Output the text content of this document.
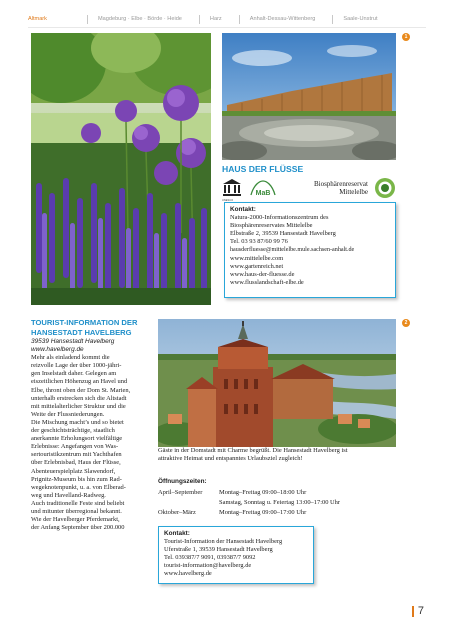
Altmark	Magdeburg · Elbe · Börde · Heide	Harz	Anhalt-Dessau-Wittenberg	Saale-Unstrut
1
HAUS DER FLÜSSE
MaB
Biosphärenreservat
Mittelelbe
UNESCO
Kontakt:
Natura-2000-Informationszentrum des
Biosphärenreservates Mittelelbe
Elbstraße 2, 39539 Hansestadt Havelberg
Tel. 03 93 87/60 99 76
hausderfluesse@mittelelbe.mule.sachsen-anhalt.de
www.mittelelbe.com
www.gartenreich.net
www.haus-der-fluesse.de
www.flusslandschaft-elbe.de
TOURIST-INFORMATION DER
HANSESTADT HAVELBERG
39539 Hansestadt Havelberg
www.havelberg.de
Mehr als einladend kommt die
reizvolle Lage der über 1000-jähri-
gen Inselstadt daher. Gelegen am
eiszeitlichen Höhenzug an Havel und
Elbe, thront oben der Dom St. Marien,
unterhalb erstrecken sich die Altstadt
mit mittelalterlicher Struktur und die
Weite der Flussniederungen.
Die Mischung macht’s und so bietet
der geschichtsträchtige, staatlich
anerkannte Erholungsort vielfältige
Erlebnisse: Angefangen von Was-
sertouristikzentrum mit Yachthafen
über Erlebnisbad, Haus der Flüsse,
Abenteuerspielplatz Slawendorf,
Prignitz-Museum bis hin zum Rad-
wegeknotenpunkt, u. a. von Elberad-
weg und Havelland-Radweg.
Auch traditionelle Feste sind beliebt
und mitunter überregional bekannt.
Wie der Havelberger Pferdemarkt,
der Anfang September über 200.000
2
Gäste in der Domstadt mit Charme begrüßt. Die Hansestadt Havelberg ist
attraktive Heimat und entspanntes Urlaubsziel zugleich!
Öffnungszeiten:
April–September	Montag–Freitag 09:00–18:00 Uhr
Samstag, Sonntag u. Feiertag 13:00–17:00 Uhr
Oktober–März	Montag–Freitag 09:00–17:00 Uhr
Kontakt:
Tourist-Information der Hansestadt Havelberg
Uferstraße 1, 39539 Hansestadt Havelberg
Tel. 039387/7 9091, 039387/7 9092
tourist-information@havelberg.de
www.havelberg.de
7
